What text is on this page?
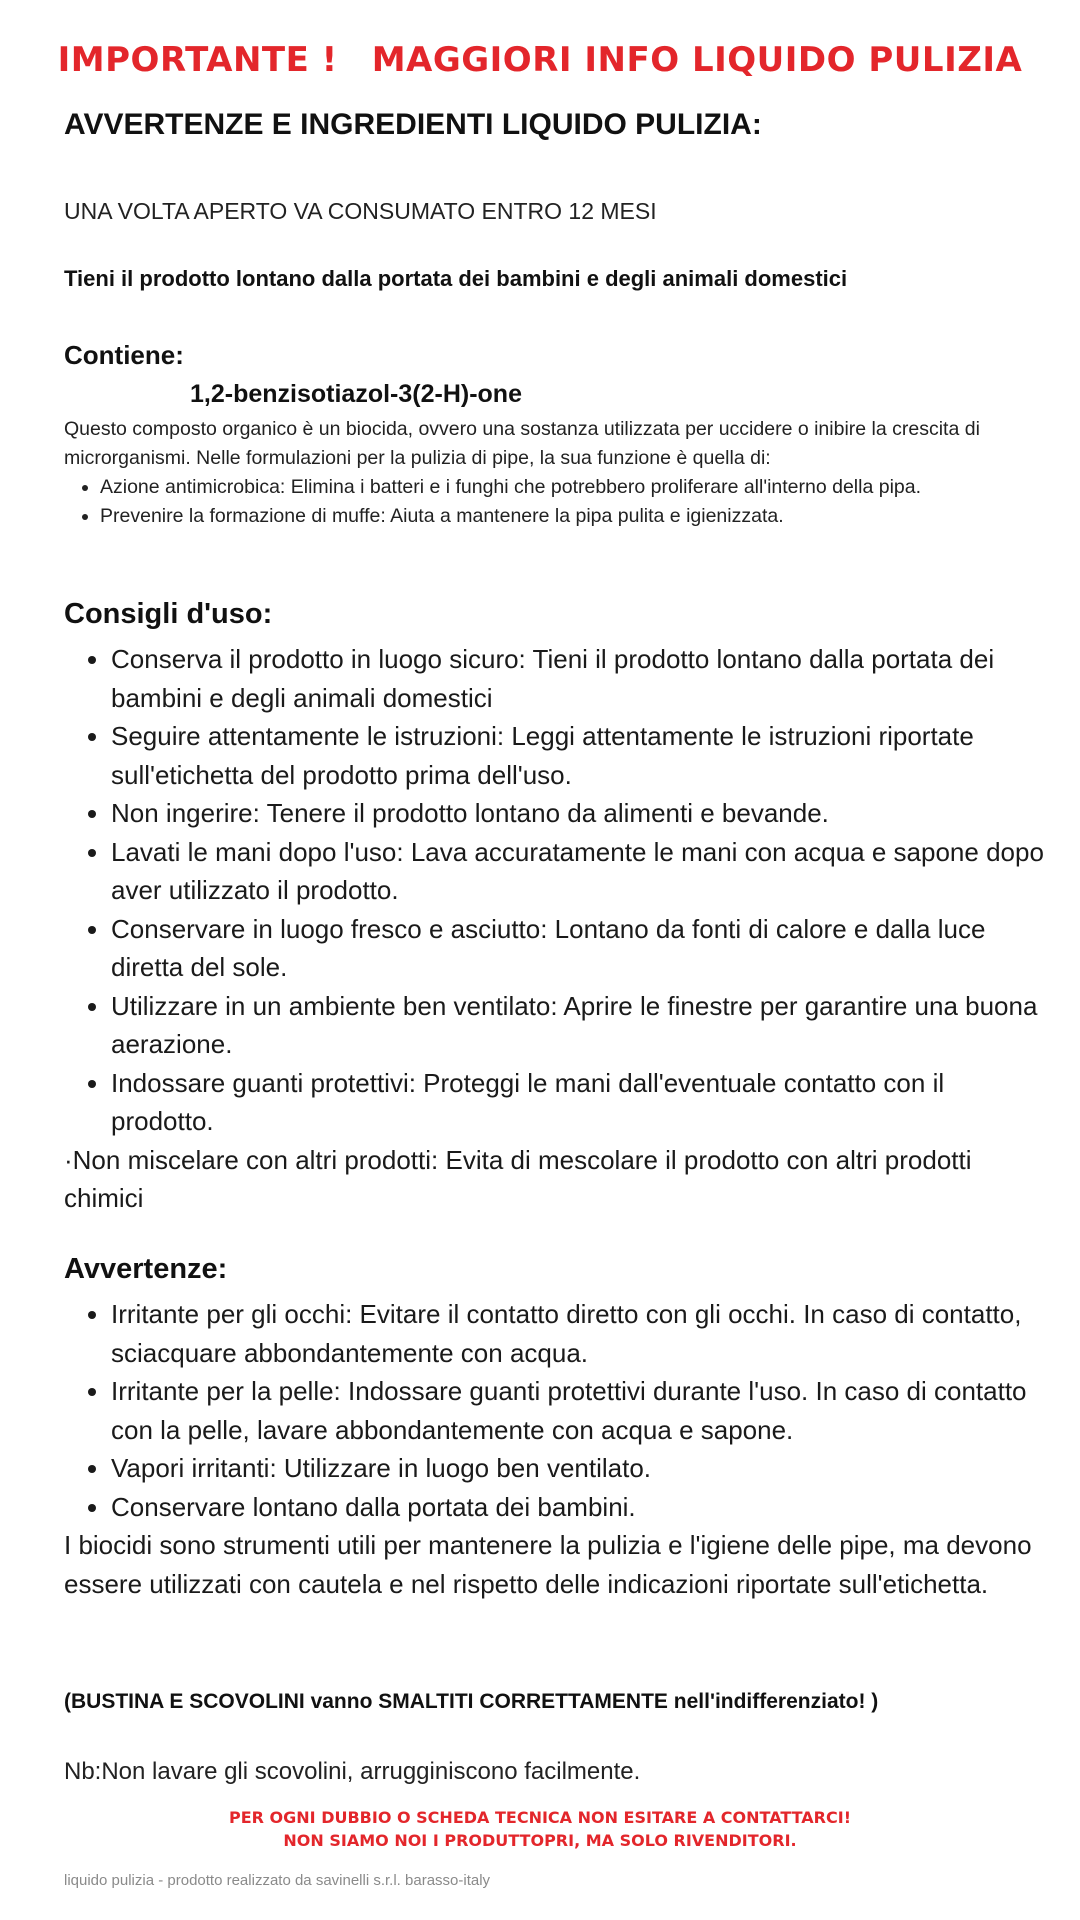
IMPORTANTE ! MAGGIORI INFO LIQUIDO PULIZIA
AVVERTENZE E INGREDIENTI LIQUIDO PULIZIA:
UNA VOLTA APERTO VA CONSUMATO ENTRO 12 MESI
Tieni il prodotto lontano dalla portata dei bambini e degli animali domestici
Contiene:
1,2-benzisotiazol-3(2-H)-one

Questo composto organico è un biocida, ovvero una sostanza utilizzata per uccidere o inibire la crescita di microrganismi. Nelle formulazioni per la pulizia di pipe, la sua funzione è quella di:

• Azione antimicrobica: Elimina i batteri e i funghi che potrebbero proliferare all'interno della pipa.
• Prevenire la formazione di muffe: Aiuta a mantenere la pipa pulita e igienizzata.
Consigli d'uso:
• Conserva il prodotto in luogo sicuro: Tieni il prodotto lontano dalla portata dei bambini e degli animali domestici
• Seguire attentamente le istruzioni: Leggi attentamente le istruzioni riportate sull'etichetta del prodotto prima dell'uso.
• Non ingerire: Tenere il prodotto lontano da alimenti e bevande.
• Lavati le mani dopo l'uso: Lava accuratamente le mani con acqua e sapone dopo aver utilizzato il prodotto.
• Conservare in luogo fresco e asciutto: Lontano da fonti di calore e dalla luce diretta del sole.
• Utilizzare in un ambiente ben ventilato: Aprire le finestre per garantire una buona aerazione.
• Indossare guanti protettivi: Proteggi le mani dall'eventuale contatto con il prodotto.

·Non miscelare con altri prodotti: Evita di mescolare il prodotto con altri prodotti chimici

Avvertenze:
• Irritante per gli occhi: Evitare il contatto diretto con gli occhi. In caso di contatto, sciacquare abbondantemente con acqua.
• Irritante per la pelle: Indossare guanti protettivi durante l'uso. In caso di contatto con la pelle, lavare abbondantemente con acqua e sapone.
• Vapori irritanti: Utilizzare in luogo ben ventilato.
• Conservare lontano dalla portata dei bambini.

I biocidi sono strumenti utili per mantenere la pulizia e l'igiene delle pipe, ma devono essere utilizzati con cautela e nel rispetto delle indicazioni riportate sull'etichetta.

(BUSTINA E SCOVOLINI vanno SMALTITI CORRETTAMENTE nell'indifferenziato! )
Nb:Non lavare gli scovolini, arrugginiscono facilmente.
PER OGNI DUBBIO O SCHEDA TECNICA NON ESITARE A CONTATTARCI!
NON SIAMO NOI I PRODUTTOPRI, MA SOLO RIVENDITORI.
liquido pulizia - prodotto realizzato da savinelli s.r.l. barasso-italy
